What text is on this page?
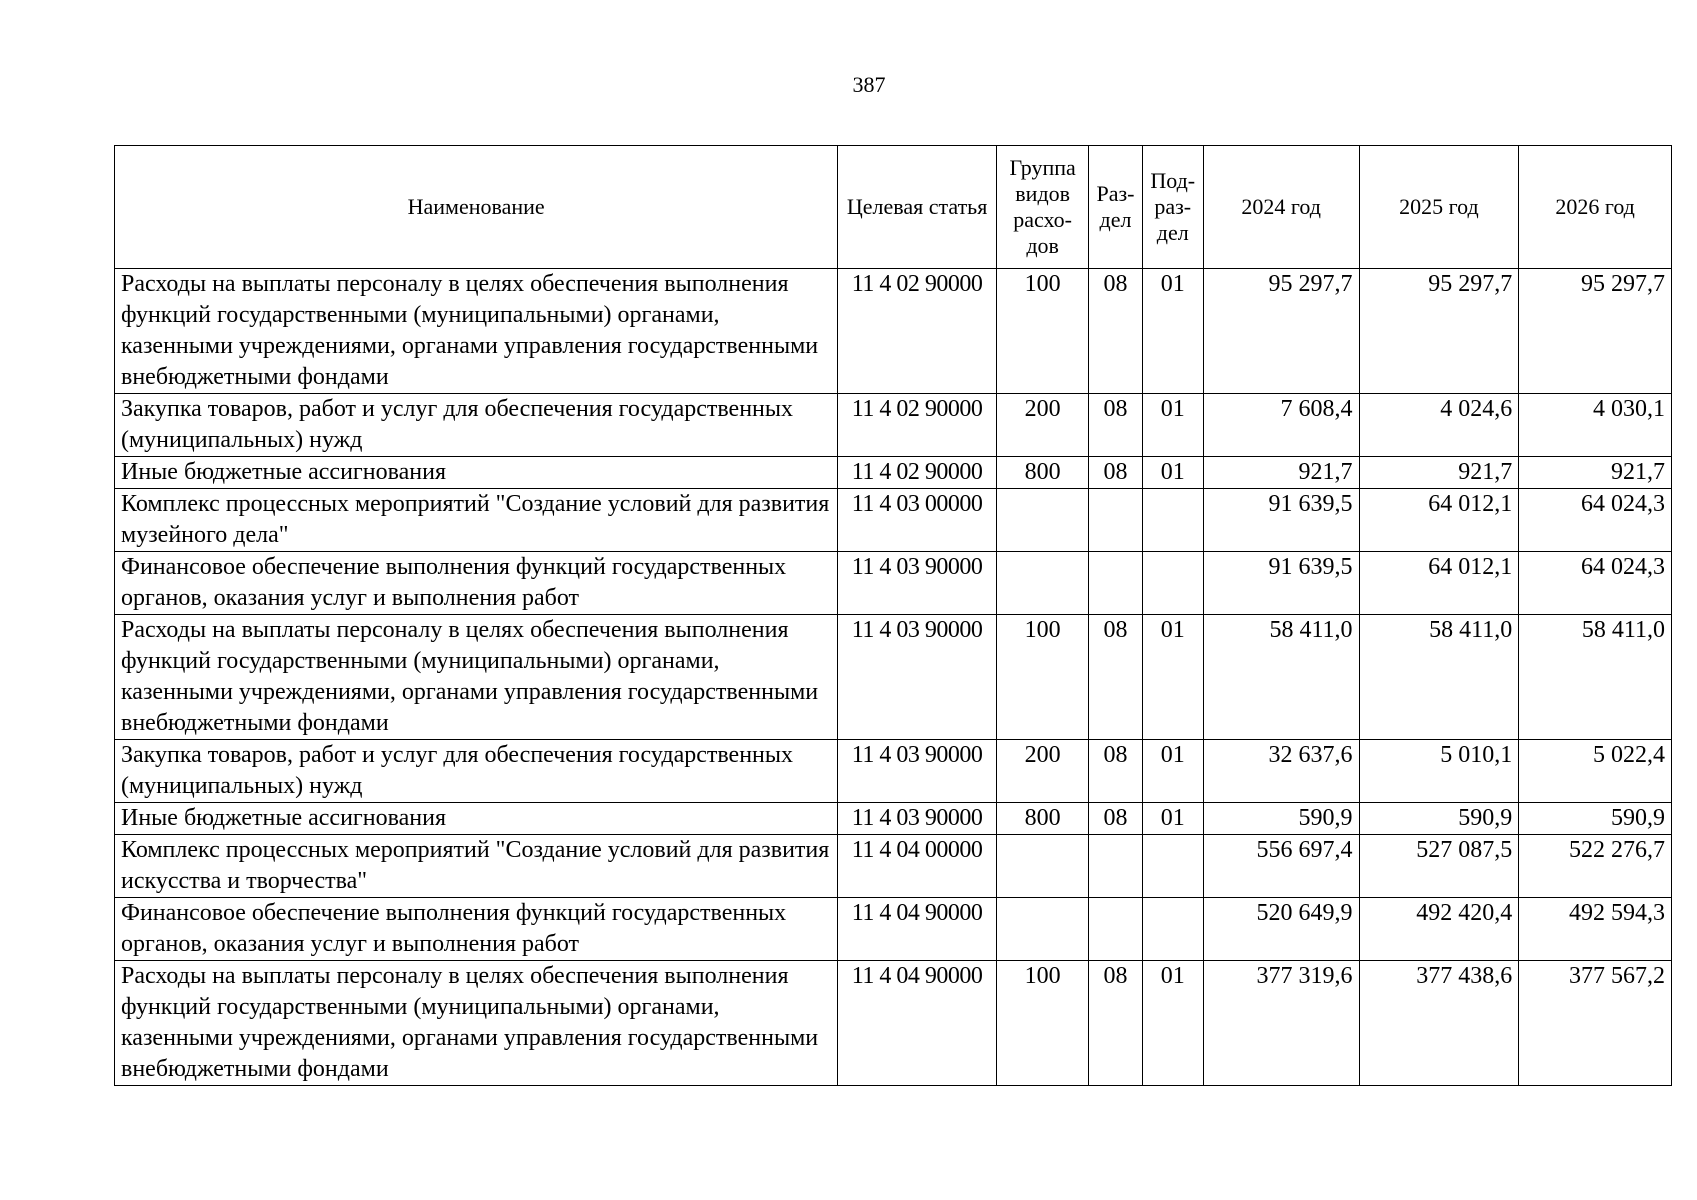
387
Наименование	Целевая статья	Группа видов расхо-дов	Раз-дел	Под-раз-дел	2024 год	2025 год	2026 год
Расходы на выплаты персоналу в целях обеспечения выполнения функций государственными (муниципальными) органами, казенными учреждениями, органами управления государственными внебюджетными фондами	11 4 02 90000	100	08	01	95 297,7	95 297,7	95 297,7
Закупка товаров, работ и услуг для обеспечения государственных (муниципальных) нужд	11 4 02 90000	200	08	01	7 608,4	4 024,6	4 030,1
Иные бюджетные ассигнования	11 4 02 90000	800	08	01	921,7	921,7	921,7
Комплекс процессных мероприятий "Создание условий для развития музейного дела"	11 4 03 00000				91 639,5	64 012,1	64 024,3
Финансовое обеспечение выполнения функций государственных органов, оказания услуг и выполнения работ	11 4 03 90000				91 639,5	64 012,1	64 024,3
Расходы на выплаты персоналу в целях обеспечения выполнения функций государственными (муниципальными) органами, казенными учреждениями, органами управления государственными внебюджетными фондами	11 4 03 90000	100	08	01	58 411,0	58 411,0	58 411,0
Закупка товаров, работ и услуг для обеспечения государственных (муниципальных) нужд	11 4 03 90000	200	08	01	32 637,6	5 010,1	5 022,4
Иные бюджетные ассигнования	11 4 03 90000	800	08	01	590,9	590,9	590,9
Комплекс процессных мероприятий "Создание условий для развития искусства и творчества"	11 4 04 00000				556 697,4	527 087,5	522 276,7
Финансовое обеспечение выполнения функций государственных органов, оказания услуг и выполнения работ	11 4 04 90000				520 649,9	492 420,4	492 594,3
Расходы на выплаты персоналу в целях обеспечения выполнения функций государственными (муниципальными) органами, казенными учреждениями, органами управления государственными внебюджетными фондами	11 4 04 90000	100	08	01	377 319,6	377 438,6	377 567,2
